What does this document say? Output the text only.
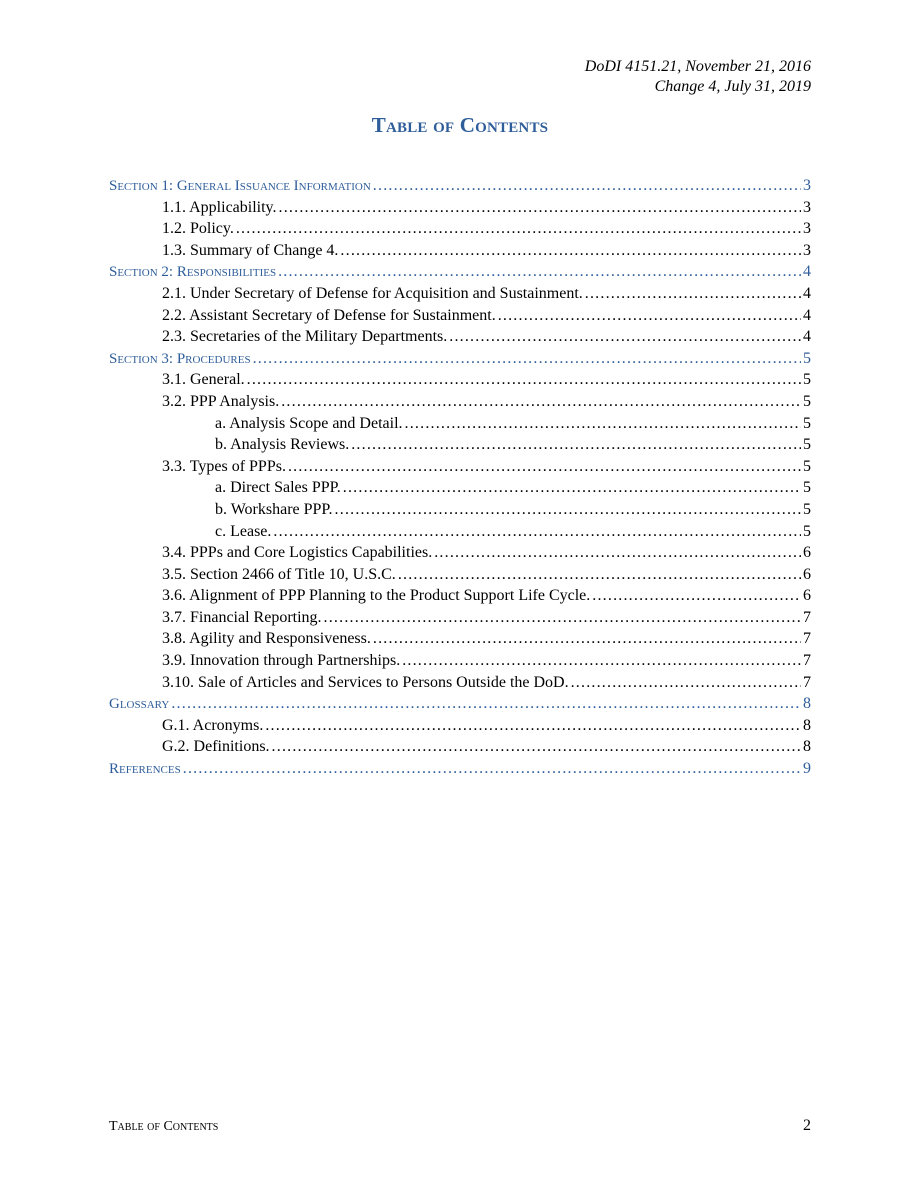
DoDI 4151.21, November 21, 2016
Change 4, July 31, 2019
Table of Contents
Section 1: General Issuance Information .....	3
1.1. Applicability. .....	3
1.2. Policy. .....	3
1.3. Summary of Change 4. .....	3
Section 2: Responsibilities .....	4
2.1. Under Secretary of Defense for Acquisition and Sustainment. .....	4
2.2. Assistant Secretary of Defense for Sustainment. .....	4
2.3. Secretaries of the Military Departments. .....	4
Section 3: Procedures .....	5
3.1. General. .....	5
3.2. PPP Analysis. .....	5
a. Analysis Scope and Detail. .....	5
b. Analysis Reviews. .....	5
3.3. Types of PPPs. .....	5
a. Direct Sales PPP. .....	5
b. Workshare PPP. .....	5
c. Lease. .....	5
3.4. PPPs and Core Logistics Capabilities. .....	6
3.5. Section 2466 of Title 10, U.S.C. .....	6
3.6. Alignment of PPP Planning to the Product Support Life Cycle. .....	6
3.7. Financial Reporting. .....	7
3.8. Agility and Responsiveness. .....	7
3.9. Innovation through Partnerships. .....	7
3.10. Sale of Articles and Services to Persons Outside the DoD. .....	7
Glossary .....	8
G.1. Acronyms. .....	8
G.2. Definitions. .....	8
References .....	9
Table of Contents	2
